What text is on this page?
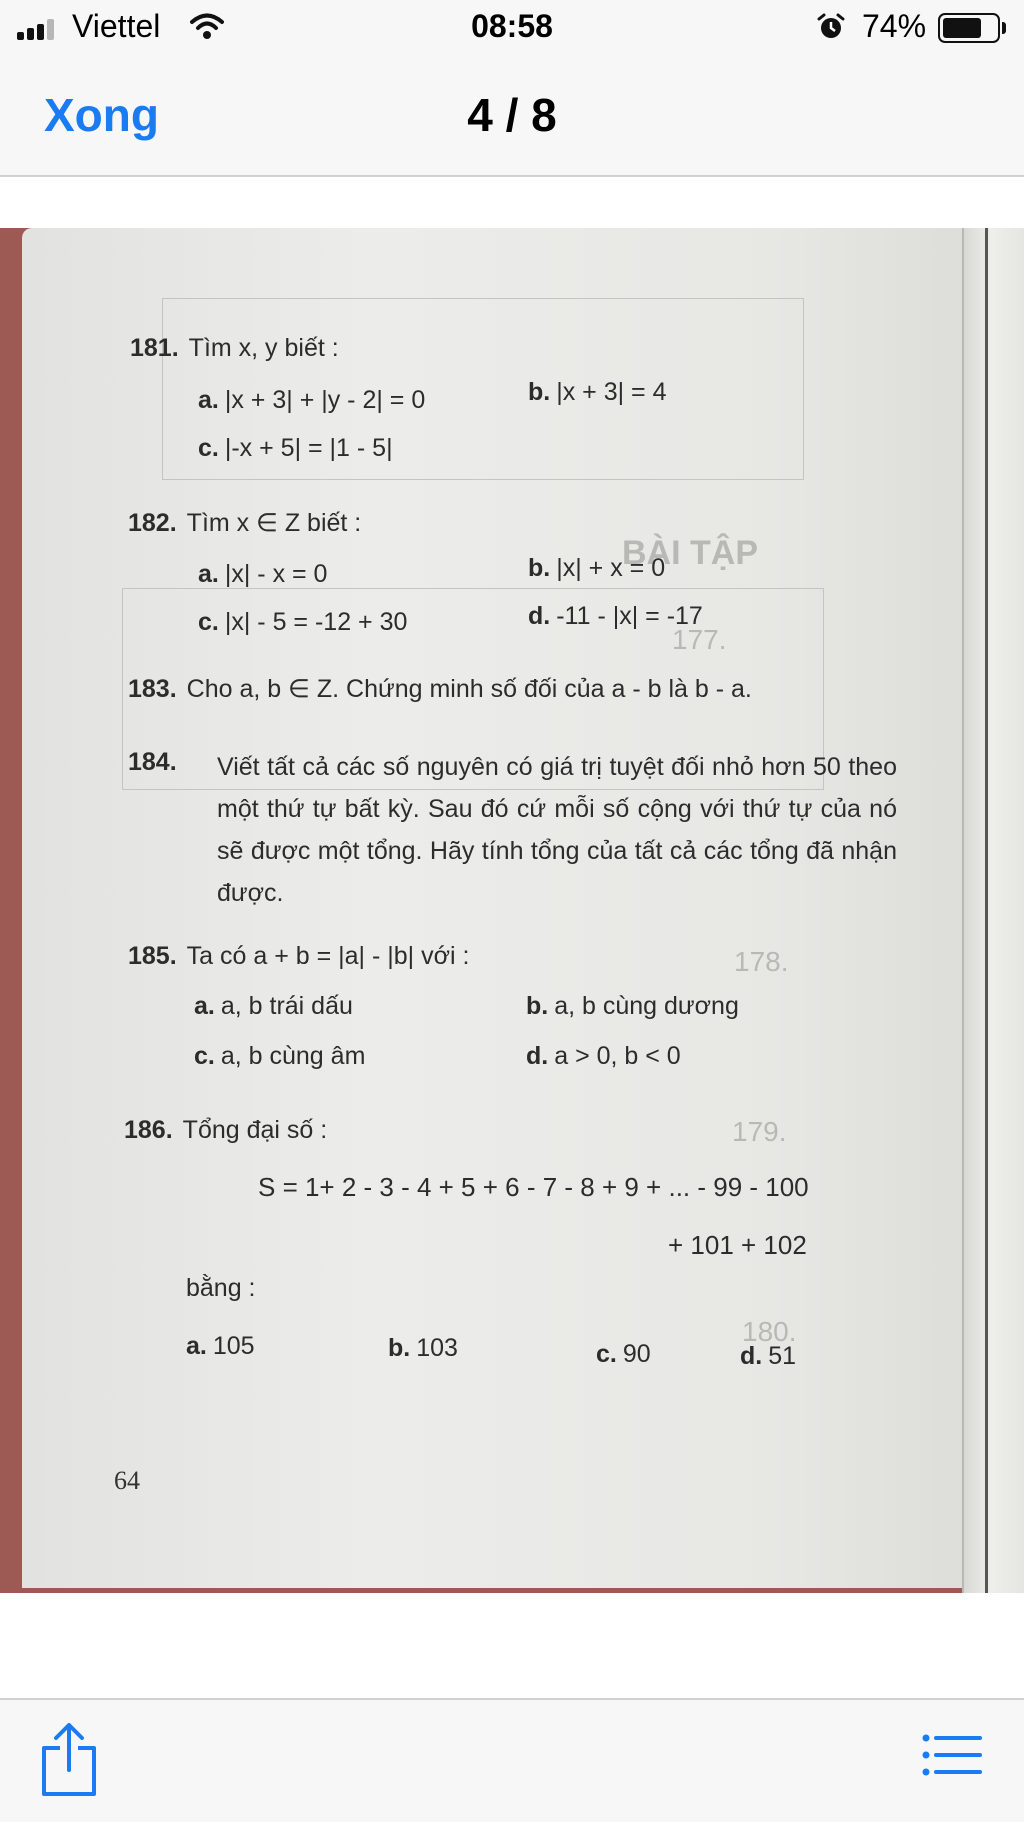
Viettel	08:58	74%
Xong	4 / 8
BÀI TẬP
177.
178.
179.
180.
181. Tìm x, y biết :
a. |x + 3| + |y - 2| = 0	b. |x + 3| = 4
c. |-x + 5| = |1 - 5|
182. Tìm x ∈ Z biết :
a. |x| - x = 0	b. |x| + x = 0
c. |x| - 5 = -12 + 30	d. -11 - |x| = -17
183. Cho a, b ∈ Z. Chứng minh số đối của a - b là b - a.
184.	Viết tất cả các số nguyên có giá trị tuyệt đối nhỏ hơn 50 theo một thứ tự bất kỳ. Sau đó cứ mỗi số cộng với thứ tự của nó sẽ được một tổng. Hãy tính tổng của tất cả các tổng đã nhận được.
185. Ta có a + b = |a| - |b| với :
a. a, b trái dấu	b. a, b cùng dương
c. a, b cùng âm	d. a > 0, b < 0
186. Tổng đại số :
S = 1+ 2 - 3 - 4 + 5 + 6 - 7 - 8 + 9 + ... - 99 - 100
+ 101 + 102
bằng :
a. 105	b. 103	c. 90	d. 51
64
